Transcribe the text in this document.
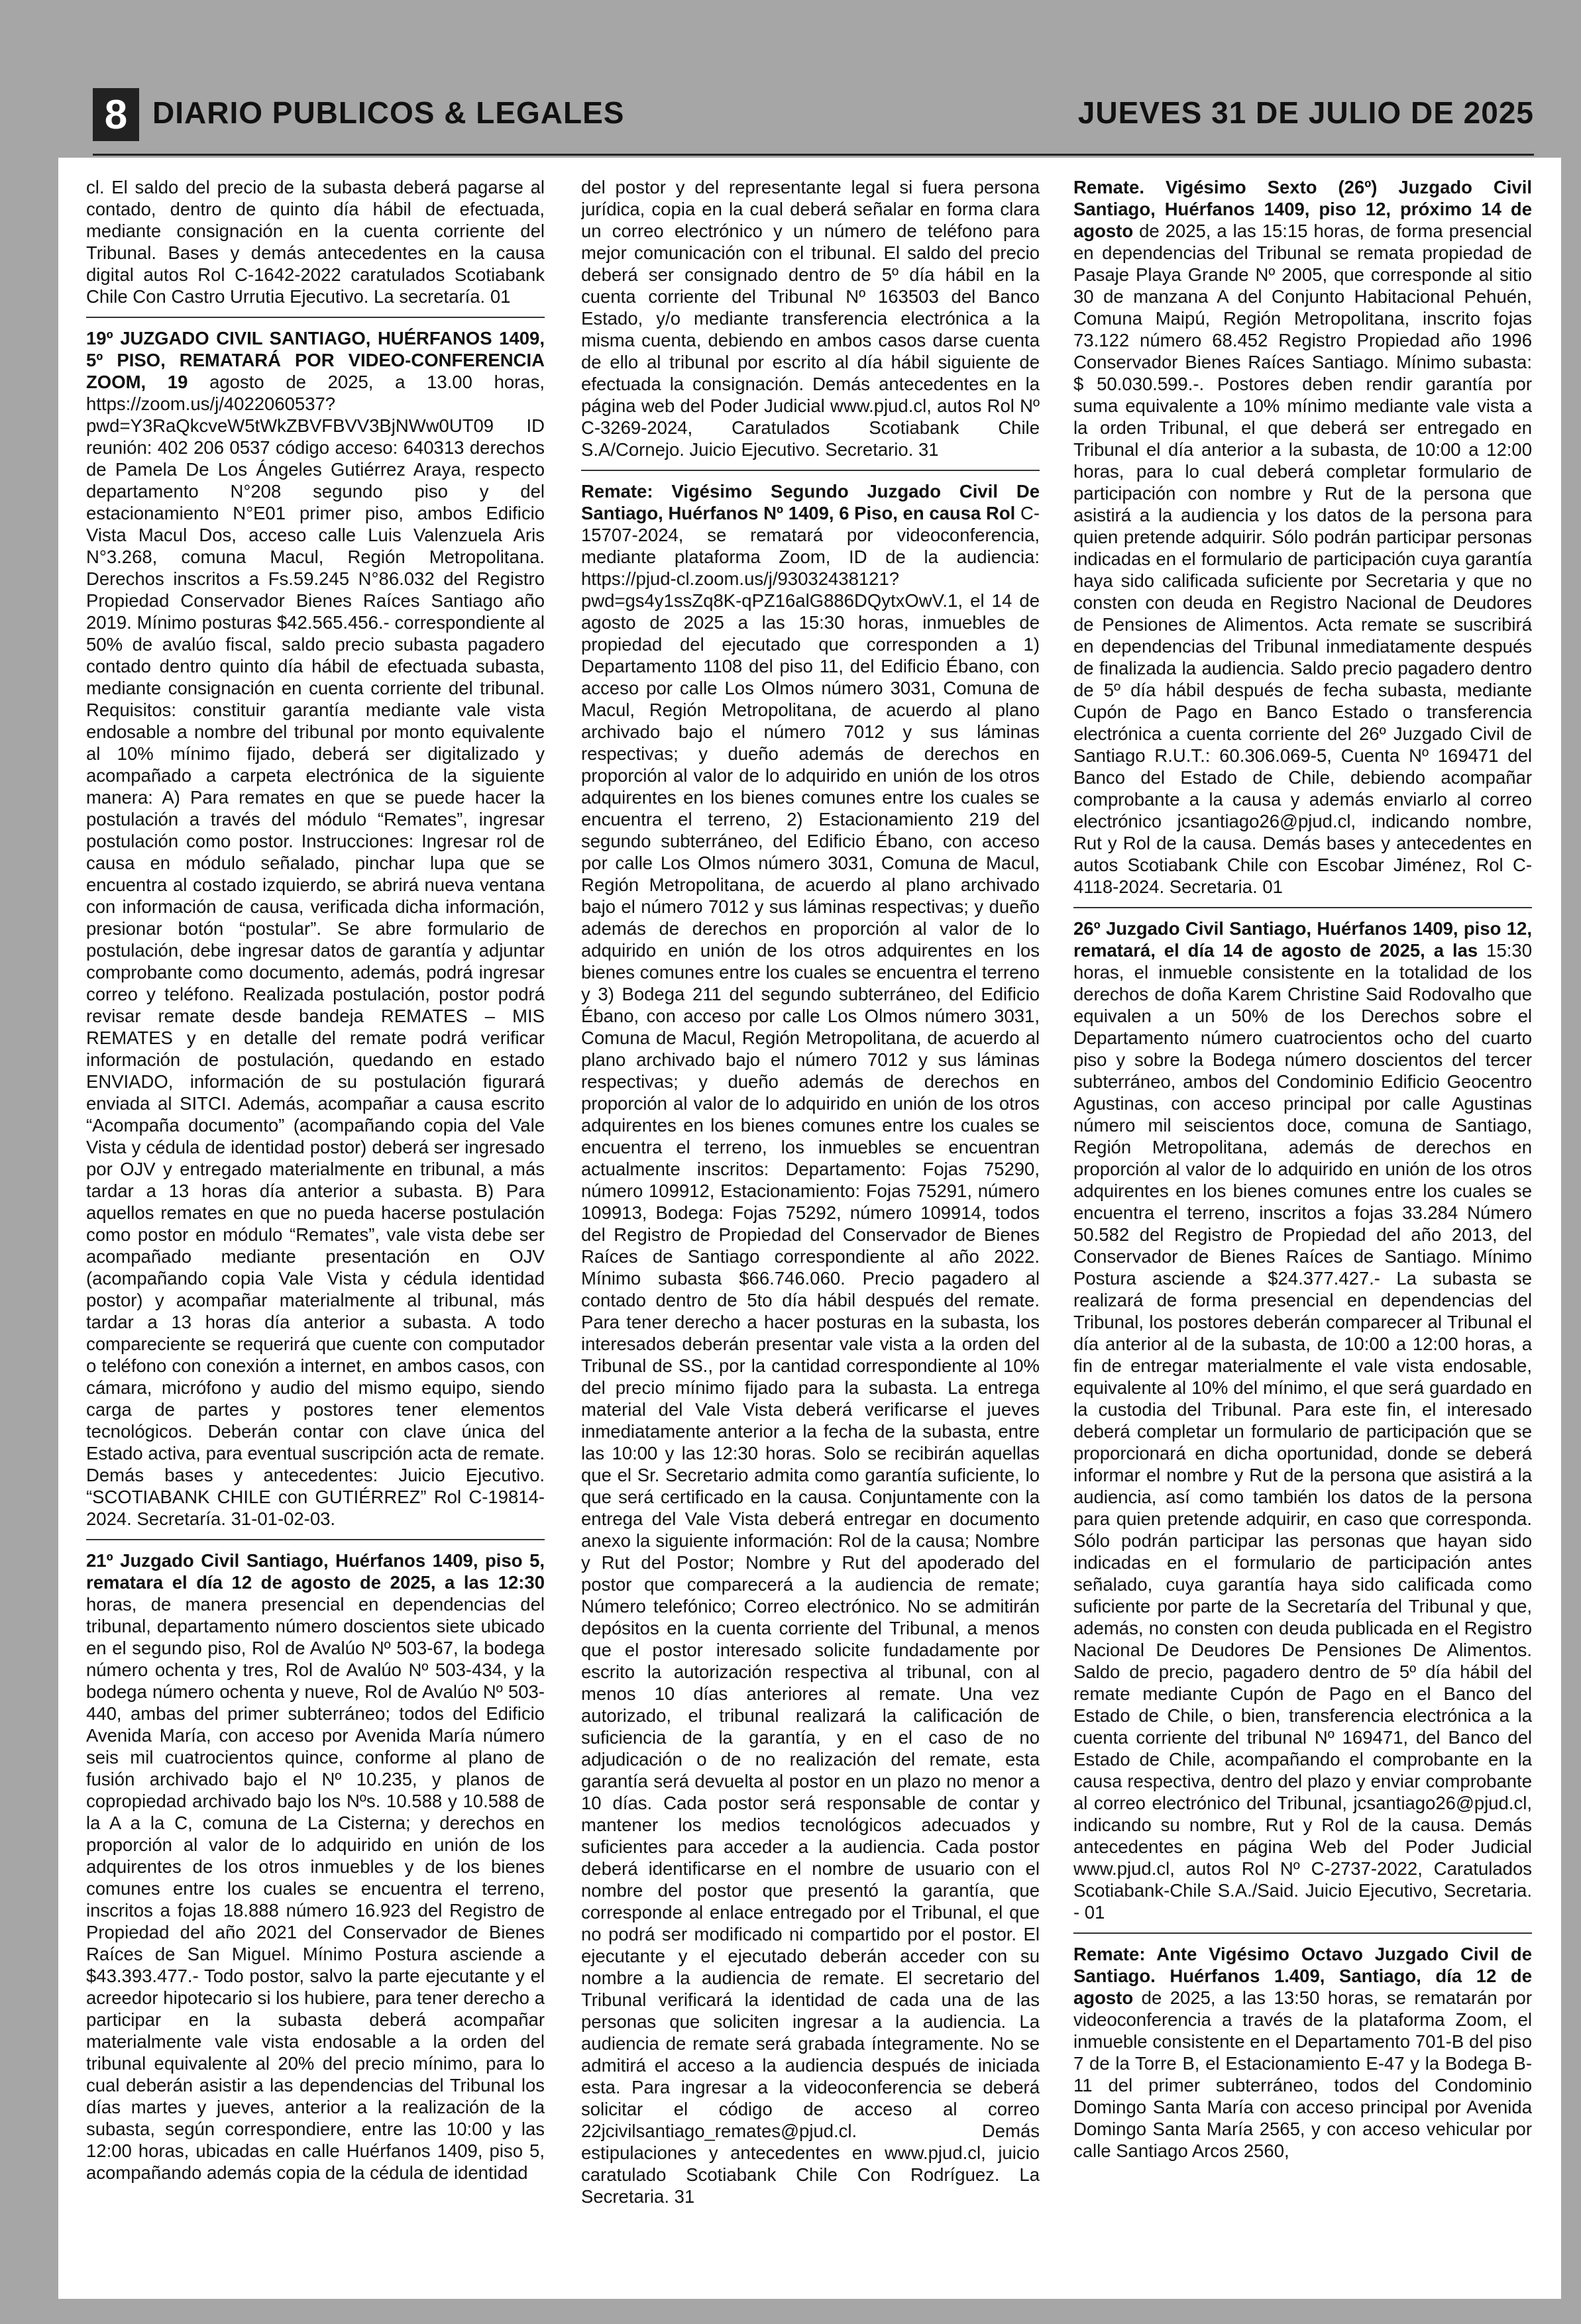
8 DIARIO PUBLICOS & LEGALES	JUEVES 31 DE JULIO DE 2025

cl. El saldo del precio de la subasta deberá pagarse al contado, dentro de quinto día hábil de efectuada, mediante consignación en la cuenta corriente del Tribunal. Bases y demás antecedentes en la causa digital autos Rol C-1642-2022 caratulados Scotiabank Chile Con Castro Urrutia Ejecutivo. La secretaría. 01

19º JUZGADO CIVIL SANTIAGO, HUÉRFANOS 1409, 5º PISO, REMATARÁ POR VIDEO-CONFERENCIA ZOOM, 19 agosto de 2025, a 13.00 horas, https://zoom.us/j/4022060537?pwd=Y3RaQkcveW5tWkZBVFBVV3BjNWw0UT09 ID reunión: 402 206 0537 código acceso: 640313 derechos de Pamela De Los Ángeles Gutiérrez Araya, respecto departamento N°208 segundo piso y del estacionamiento N°E01 primer piso, ambos Edificio Vista Macul Dos, acceso calle Luis Valenzuela Aris N°3.268, comuna Macul, Región Metropolitana. Derechos inscritos a Fs.59.245 N°86.032 del Registro Propiedad Conservador Bienes Raíces Santiago año 2019. Mínimo posturas $42.565.456.- correspondiente al 50% de avalúo fiscal, saldo precio subasta pagadero contado dentro quinto día hábil de efectuada subasta, mediante consignación en cuenta corriente del tribunal. Requisitos: constituir garantía mediante vale vista endosable a nombre del tribunal por monto equivalente al 10% mínimo fijado, deberá ser digitalizado y acompañado a carpeta electrónica de la siguiente manera: A) Para remates en que se puede hacer la postulación a través del módulo “Remates”, ingresar postulación como postor. Instrucciones: Ingresar rol de causa en módulo señalado, pinchar lupa que se encuentra al costado izquierdo, se abrirá nueva ventana con información de causa, verificada dicha información, presionar botón “postular”. Se abre formulario de postulación, debe ingresar datos de garantía y adjuntar comprobante como documento, además, podrá ingresar correo y teléfono. Realizada postulación, postor podrá revisar remate desde bandeja REMATES – MIS REMATES y en detalle del remate podrá verificar información de postulación, quedando en estado ENVIADO, información de su postulación figurará enviada al SITCI. Además, acompañar a causa escrito “Acompaña documento” (acompañando copia del Vale Vista y cédula de identidad postor) deberá ser ingresado por OJV y entregado materialmente en tribunal, a más tardar a 13 horas día anterior a subasta. B) Para aquellos remates en que no pueda hacerse postulación como postor en módulo “Remates”, vale vista debe ser acompañado mediante presentación en OJV (acompañando copia Vale Vista y cédula identidad postor) y acompañar materialmente al tribunal, más tardar a 13 horas día anterior a subasta. A todo compareciente se requerirá que cuente con computador o teléfono con conexión a internet, en ambos casos, con cámara, micrófono y audio del mismo equipo, siendo carga de partes y postores tener elementos tecnológicos. Deberán contar con clave única del Estado activa, para eventual suscripción acta de remate. Demás bases y antecedentes: Juicio Ejecutivo. “SCOTIABANK CHILE con GUTIÉRREZ” Rol C-19814-2024. Secretaría. 31-01-02-03.

21º Juzgado Civil Santiago, Huérfanos 1409, piso 5, rematara el día 12 de agosto de 2025, a las 12:30 horas, de manera presencial en dependencias del tribunal, departamento número doscientos siete ubicado en el segundo piso, Rol de Avalúo Nº 503-67, la bodega número ochenta y tres, Rol de Avalúo Nº 503-434, y la bodega número ochenta y nueve, Rol de Avalúo Nº 503-440, ambas del primer subterráneo; todos del Edificio Avenida María, con acceso por Avenida María número seis mil cuatrocientos quince, conforme al plano de fusión archivado bajo el Nº 10.235, y planos de copropiedad archivado bajo los Nºs. 10.588 y 10.588 de la A a la C, comuna de La Cisterna; y derechos en proporción al valor de lo adquirido en unión de los adquirentes de los otros inmuebles y de los bienes comunes entre los cuales se encuentra el terreno, inscritos a fojas 18.888 número 16.923 del Registro de Propiedad del año 2021 del Conservador de Bienes Raíces de San Miguel. Mínimo Postura asciende a $43.393.477.- Todo postor, salvo la parte ejecutante y el acreedor hipotecario si los hubiere, para tener derecho a participar en la subasta deberá acompañar materialmente vale vista endosable a la orden del tribunal equivalente al 20% del precio mínimo, para lo cual deberán asistir a las dependencias del Tribunal los días martes y jueves, anterior a la realización de la subasta, según correspondiere, entre las 10:00 y las 12:00 horas, ubicadas en calle Huérfanos 1409, piso 5, acompañando además copia de la cédula de identidad

del postor y del representante legal si fuera persona jurídica, copia en la cual deberá señalar en forma clara un correo electrónico y un número de teléfono para mejor comunicación con el tribunal. El saldo del precio deberá ser consignado dentro de 5º día hábil en la cuenta corriente del Tribunal Nº 163503 del Banco Estado, y/o mediante transferencia electrónica a la misma cuenta, debiendo en ambos casos darse cuenta de ello al tribunal por escrito al día hábil siguiente de efectuada la consignación. Demás antecedentes en la página web del Poder Judicial www.pjud.cl, autos Rol Nº C-3269-2024, Caratulados Scotiabank Chile S.A/Cornejo. Juicio Ejecutivo. Secretario. 31

Remate: Vigésimo Segundo Juzgado Civil De Santiago, Huérfanos Nº 1409, 6 Piso, en causa Rol C-15707-2024, se rematará por videoconferencia, mediante plataforma Zoom, ID de la audiencia: https://pjud-cl.zoom.us/j/93032438121?pwd=gs4y1ssZq8K-qPZ16alG886DQytxOwV.1, el 14 de agosto de 2025 a las 15:30 horas, inmuebles de propiedad del ejecutado que corresponden a 1) Departamento 1108 del piso 11, del Edificio Ébano, con acceso por calle Los Olmos número 3031, Comuna de Macul, Región Metropolitana, de acuerdo al plano archivado bajo el número 7012 y sus láminas respectivas; y dueño además de derechos en proporción al valor de lo adquirido en unión de los otros adquirentes en los bienes comunes entre los cuales se encuentra el terreno, 2) Estacionamiento 219 del segundo subterráneo, del Edificio Ébano, con acceso por calle Los Olmos número 3031, Comuna de Macul, Región Metropolitana, de acuerdo al plano archivado bajo el número 7012 y sus láminas respectivas; y dueño además de derechos en proporción al valor de lo adquirido en unión de los otros adquirentes en los bienes comunes entre los cuales se encuentra el terreno y 3) Bodega 211 del segundo subterráneo, del Edificio Ébano, con acceso por calle Los Olmos número 3031, Comuna de Macul, Región Metropolitana, de acuerdo al plano archivado bajo el número 7012 y sus láminas respectivas; y dueño además de derechos en proporción al valor de lo adquirido en unión de los otros adquirentes en los bienes comunes entre los cuales se encuentra el terreno, los inmuebles se encuentran actualmente inscritos: Departamento: Fojas 75290, número 109912, Estacionamiento: Fojas 75291, número 109913, Bodega: Fojas 75292, número 109914, todos del Registro de Propiedad del Conservador de Bienes Raíces de Santiago correspondiente al año 2022. Mínimo subasta $66.746.060. Precio pagadero al contado dentro de 5to día hábil después del remate. Para tener derecho a hacer posturas en la subasta, los interesados deberán presentar vale vista a la orden del Tribunal de SS., por la cantidad correspondiente al 10% del precio mínimo fijado para la subasta. La entrega material del Vale Vista deberá verificarse el jueves inmediatamente anterior a la fecha de la subasta, entre las 10:00 y las 12:30 horas. Solo se recibirán aquellas que el Sr. Secretario admita como garantía suficiente, lo que será certificado en la causa. Conjuntamente con la entrega del Vale Vista deberá entregar en documento anexo la siguiente información: Rol de la causa; Nombre y Rut del Postor; Nombre y Rut del apoderado del postor que comparecerá a la audiencia de remate; Número telefónico; Correo electrónico. No se admitirán depósitos en la cuenta corriente del Tribunal, a menos que el postor interesado solicite fundadamente por escrito la autorización respectiva al tribunal, con al menos 10 días anteriores al remate. Una vez autorizado, el tribunal realizará la calificación de suficiencia de la garantía, y en el caso de no adjudicación o de no realización del remate, esta garantía será devuelta al postor en un plazo no menor a 10 días. Cada postor será responsable de contar y mantener los medios tecnológicos adecuados y suficientes para acceder a la audiencia. Cada postor deberá identificarse en el nombre de usuario con el nombre del postor que presentó la garantía, que corresponde al enlace entregado por el Tribunal, el que no podrá ser modificado ni compartido por el postor. El ejecutante y el ejecutado deberán acceder con su nombre a la audiencia de remate. El secretario del Tribunal verificará la identidad de cada una de las personas que soliciten ingresar a la audiencia. La audiencia de remate será grabada íntegramente. No se admitirá el acceso a la audiencia después de iniciada esta. Para ingresar a la videoconferencia se deberá solicitar el código de acceso al correo 22jcivilsantiago_remates@pjud.cl. Demás estipulaciones y antecedentes en www.pjud.cl, juicio caratulado Scotiabank Chile Con Rodríguez. La Secretaria. 31

Remate. Vigésimo Sexto (26º) Juzgado Civil Santiago, Huérfanos 1409, piso 12, próximo 14 de agosto de 2025, a las 15:15 horas, de forma presencial en dependencias del Tribunal se remata propiedad de Pasaje Playa Grande Nº 2005, que corresponde al sitio 30 de manzana A del Conjunto Habitacional Pehuén, Comuna Maipú, Región Metropolitana, inscrito fojas 73.122 número 68.452 Registro Propiedad año 1996 Conservador Bienes Raíces Santiago. Mínimo subasta: $ 50.030.599.-. Postores deben rendir garantía por suma equivalente a 10% mínimo mediante vale vista a la orden Tribunal, el que deberá ser entregado en Tribunal el día anterior a la subasta, de 10:00 a 12:00 horas, para lo cual deberá completar formulario de participación con nombre y Rut de la persona que asistirá a la audiencia y los datos de la persona para quien pretende adquirir. Sólo podrán participar personas indicadas en el formulario de participación cuya garantía haya sido calificada suficiente por Secretaria y que no consten con deuda en Registro Nacional de Deudores de Pensiones de Alimentos. Acta remate se suscribirá en dependencias del Tribunal inmediatamente después de finalizada la audiencia. Saldo precio pagadero dentro de 5º día hábil después de fecha subasta, mediante Cupón de Pago en Banco Estado o transferencia electrónica a cuenta corriente del 26º Juzgado Civil de Santiago R.U.T.: 60.306.069-5, Cuenta Nº 169471 del Banco del Estado de Chile, debiendo acompañar comprobante a la causa y además enviarlo al correo electrónico jcsantiago26@pjud.cl, indicando nombre, Rut y Rol de la causa. Demás bases y antecedentes en autos Scotiabank Chile con Escobar Jiménez, Rol C-4118-2024. Secretaria. 01

26º Juzgado Civil Santiago, Huérfanos 1409, piso 12, rematará, el día 14 de agosto de 2025, a las 15:30 horas, el inmueble consistente en la totalidad de los derechos de doña Karem Christine Said Rodovalho que equivalen a un 50% de los Derechos sobre el Departamento número cuatrocientos ocho del cuarto piso y sobre la Bodega número doscientos del tercer subterráneo, ambos del Condominio Edificio Geocentro Agustinas, con acceso principal por calle Agustinas número mil seiscientos doce, comuna de Santiago, Región Metropolitana, además de derechos en proporción al valor de lo adquirido en unión de los otros adquirentes en los bienes comunes entre los cuales se encuentra el terreno, inscritos a fojas 33.284 Número 50.582 del Registro de Propiedad del año 2013, del Conservador de Bienes Raíces de Santiago. Mínimo Postura asciende a $24.377.427.- La subasta se realizará de forma presencial en dependencias del Tribunal, los postores deberán comparecer al Tribunal el día anterior al de la subasta, de 10:00 a 12:00 horas, a fin de entregar materialmente el vale vista endosable, equivalente al 10% del mínimo, el que será guardado en la custodia del Tribunal. Para este fin, el interesado deberá completar un formulario de participación que se proporcionará en dicha oportunidad, donde se deberá informar el nombre y Rut de la persona que asistirá a la audiencia, así como también los datos de la persona para quien pretende adquirir, en caso que corresponda. Sólo podrán participar las personas que hayan sido indicadas en el formulario de participación antes señalado, cuya garantía haya sido calificada como suficiente por parte de la Secretaría del Tribunal y que, además, no consten con deuda publicada en el Registro Nacional De Deudores De Pensiones De Alimentos. Saldo de precio, pagadero dentro de 5º día hábil del remate mediante Cupón de Pago en el Banco del Estado de Chile, o bien, transferencia electrónica a la cuenta corriente del tribunal Nº 169471, del Banco del Estado de Chile, acompañando el comprobante en la causa respectiva, dentro del plazo y enviar comprobante al correo electrónico del Tribunal, jcsantiago26@pjud.cl, indicando su nombre, Rut y Rol de la causa. Demás antecedentes en página Web del Poder Judicial www.pjud.cl, autos Rol Nº C-2737-2022, Caratulados Scotiabank-Chile S.A./Said. Juicio Ejecutivo, Secretaria. - 01

Remate: Ante Vigésimo Octavo Juzgado Civil de Santiago. Huérfanos 1.409, Santiago, día 12 de agosto de 2025, a las 13:50 horas, se rematarán por videoconferencia a través de la plataforma Zoom, el inmueble consistente en el Departamento 701-B del piso 7 de la Torre B, el Estacionamiento E-47 y la Bodega B-11 del primer subterráneo, todos del Condominio Domingo Santa María con acceso principal por Avenida Domingo Santa María 2565, y con acceso vehicular por calle Santiago Arcos 2560,
